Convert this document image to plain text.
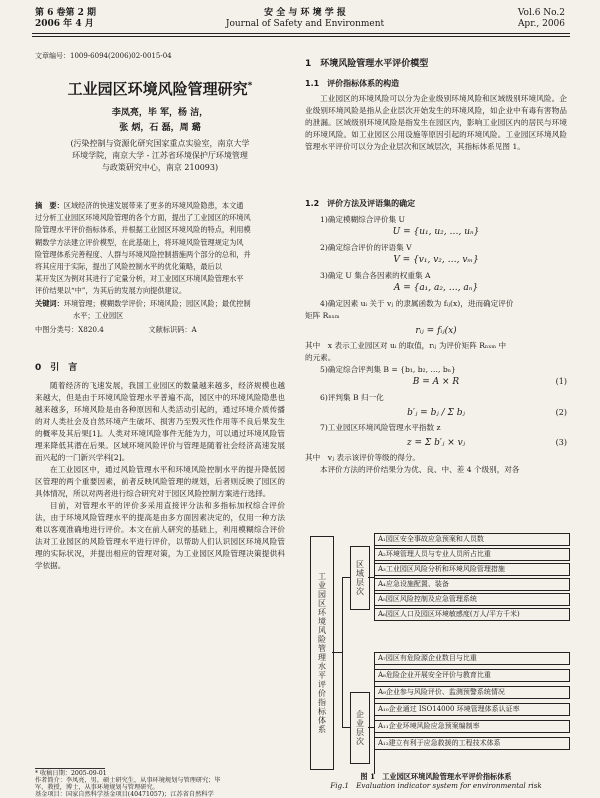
第 6 卷第 2 期
2006 年 4 月
安 全 与 环 境 学 报
Journal of Safety and Environment
Vol.6 No.2
Apr., 2006
文章编号：1009-6094(2006)02-0015-04
工业园区环境风险管理研究*
李凤亮，毕 军，杨 洁，
张 炳，石 磊，周 璐
(污染控制与资源化研究国家重点实验室，南京大学
环境学院，南京大学 - 江苏省环境保护厅环境管理
与政策研究中心，南京 210093)
摘　要：区域经济的快速发展带来了更多的环境风险隐患，本文通
过分析工业园区环境风险管理的各个方面，提出了工业园区的环境风
险管理水平评价指标体系，并根据工业园区环境风险的特点，利用模
糊数学方法建立评价模型，在此基础上，将环境风险管理规定为风
险管理体系完善程度、人群与环境风险控制措施两个部分的总和，并
将其应用于实际，提出了风险控制水平的优化策略，最后以
某开发区为例对其进行了定量分析，对工业园区环境风险管理水平
评价结果以“中”，为其后的发展方向提供建议。
关键词：环境管理；模糊数学评价；环境风险；园区风险；最优控制
水平；工业园区
中图分类号：X820.4	文献标识码：A
0　引　言

随着经济的飞速发展，我国工业园区的数量越来越多，经济规模也越来越大，但是由于环境风险管理水平普遍不高，园区中的环境风险隐患也越来越多，环境风险是由各种原因和人类活动引起的，通过环境介质传播的对人类社会及自然环境产生破坏、损害乃至毁灭性作用等不良后果发生的概率及其后果[1]。人类对环境风险事件无能为力，可以通过环境风险管理来降低其潜在后果。区域环境风险评价与管理是随着社会经济高速发展而兴起的一门新兴学科[2]。

在工业园区中，通过风险管理水平和环境风险控制水平的提升降低园区管理的两个重要因素，前者反映风险管理的规划，后者则反映了园区的具体情况，所以对两者进行综合研究对于园区风险控制方案进行选择。

目前，对管理水平的评价多采用直接评分法和多指标加权综合评价法，由于环境风险管理水平的提高是由多方面因素决定的，仅用一种方法难以客观准确地进行评价。本文在前人研究的基础上，利用模糊综合评价法对工业园区的风险管理水平进行评价，以帮助人们认识园区环境风险管理的实际状况，并提出相应的管理对策，为工业园区风险管理决策提供科学依据。

* 收稿日期：2005-09-01
作者简介：李凤亮，男，硕士研究生，从事环境规划与管理研究；毕
军，教授，博士，从事环境规划与管理研究。
基金项目：国家自然科学基金项目(40471057)；江苏省自然科学
1　环境风险管理水平评价模型
1.1　评价指标体系的构造

工业园区的环境风险可以分为企业级别环境风险和区域级别环境风险。企业级别环境风险是指从企业层次开始发生的环境风险，如企业中有毒有害物品的泄漏。区域级别环境风险是指发生在园区内，影响工业园区内的居民与环境的环境风险。如工业园区公用设施等原因引起的环境风险。工业园区环境风险管理水平评价可以分为企业层次和区域层次，其指标体系见图 1。

1.2　评价方法及评语集的确定
1)确定模糊综合评价集 U
U = {u₁, u₂, …, uₙ}
2)确定综合评价的评语集 V
V = {v₁, v₂, …, vₘ}
3)确定 U 集合各因素的权重集 A
A = {a₁, a₂, …, aₙ}
4)确定因素 uᵢ 关于 vⱼ 的隶属函数为 fᵢⱼ(x)，进而确定评价
矩阵 Rₙₓₘ
rᵢⱼ = fᵢⱼ(x)
其中　x 表示工业园区对 uᵢ 的取值，rᵢⱼ 为评价矩阵 Rₙₓₘ 中
的元素。
5)确定综合评判集 B = {b₁, b₂, …, bₙ}
B = A × R	(1)
6)评判集 B 归一化
b′ⱼ = bⱼ / Σ bⱼ	(2)
7)工业园区环境风险管理水平指数 z
z = Σ b′ⱼ × vⱼ	(3)
其中　vⱼ 表示该评价等级的得分。
本评价方法的评价结果分为优、良、中、差 4 个级别，对各
工业园区环境风险管理水平评价指标体系	区域层次
企业层次
A₁园区安全事故应急预案和人员数
A₂环境管理人员与专业人员所占比重
A₃工业园区风险分析和环境风险管理措施
A₄应急设施配置、装备
A₅园区风险控制及应急管理系统
A₆园区人口及园区环境敏感度(万人/平方千米)
A₇园区有危险源企业数目与比重
A₈危险企业开展安全评价与教育比重
A₉企业参与风险评价、监测预警系统情况
A₁₀企业通过 ISO14000 环境管理体系认证率
A₁₁企业环境风险应急预案编制率
A₁₂建立有利于应急救援的工程技术体系
图 1　工业园区环境风险管理水平评价指标体系
Fig.1　Evaluation indicator system for environmental risk
